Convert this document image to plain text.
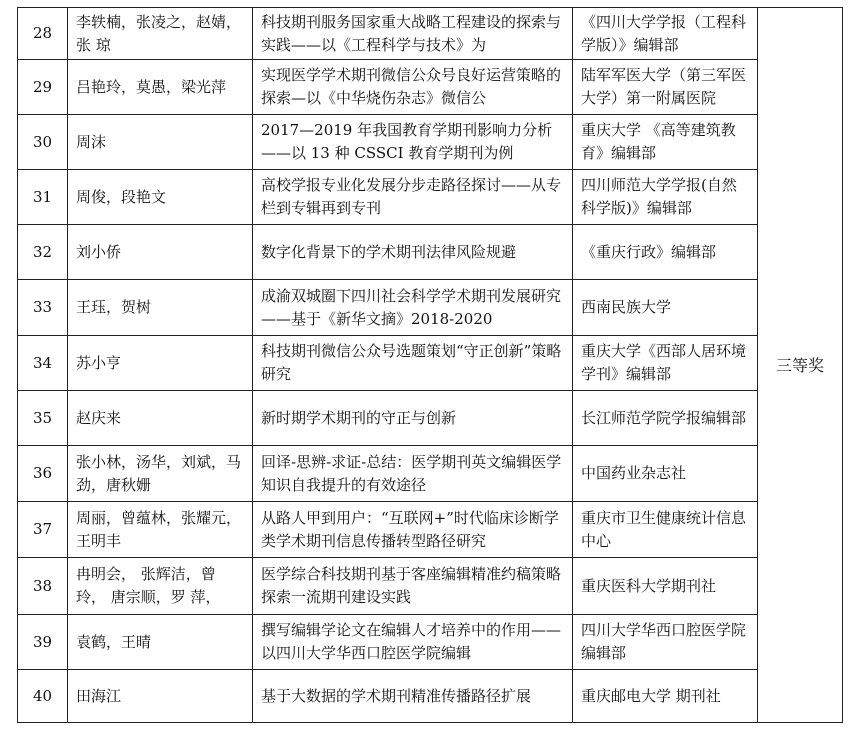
28	李轶楠，张凌之，赵婧，张 琼	科技期刊服务国家重大战略工程建设的探索与实践——以《工程科学与技术》为	《四川大学学报（工程科学版）》编辑部	三等奖
29	吕艳玲，莫愚，梁光萍	实现医学学术期刊微信公众号良好运营策略的探索—以《中华烧伤杂志》微信公	陆军军医大学（第三军医大学）第一附属医院	

30	周沫	2017—2019 年我国教育学期刊影响力分析 ——以 13 种 CSSCI 教育学期刊为例	重庆大学 《高等建筑教育》编辑部	

31	周俊，段艳文	高校学报专业化发展分步走路径探讨——从专栏到专辑再到专刊	四川师范大学学报(自然科学版)》编辑部	

32	刘小侨	数字化背景下的学术期刊法律风险规避	《重庆行政》编辑部	

33	王珏，贺树	成渝双城圈下四川社会科学学术期刊发展研究——基于《新华文摘》2018-2020	西南民族大学	

34	苏小亨	科技期刊微信公众号选题策划“守正创新”策略研究	重庆大学《西部人居环境学刊》编辑部	

35	赵庆来	新时期学术期刊的守正与创新	长江师范学院学报编辑部	

36	张小林，汤华，刘斌，马劲，唐秋姗	回译-思辨-求证-总结：医学期刊英文编辑医学知识自我提升的有效途径	中国药业杂志社	

37	周丽，曾蕴林，张耀元，王明丰	从路人甲到用户：“互联网+”时代临床诊断学类学术期刊信息传播转型路径研究	重庆市卫生健康统计信息中心	

38	冉明会， 张辉洁，曾玲， 唐宗顺，罗 萍，	医学综合科技期刊基于客座编辑精准约稿策略探索一流期刊建设实践	重庆医科大学期刊社	

39	袁鹤，王晴	撰写编辑学论文在编辑人才培养中的作用——以四川大学华西口腔医学院编辑	四川大学华西口腔医学院编辑部	

40	田海江	基于大数据的学术期刊精准传播路径扩展	重庆邮电大学 期刊社	
